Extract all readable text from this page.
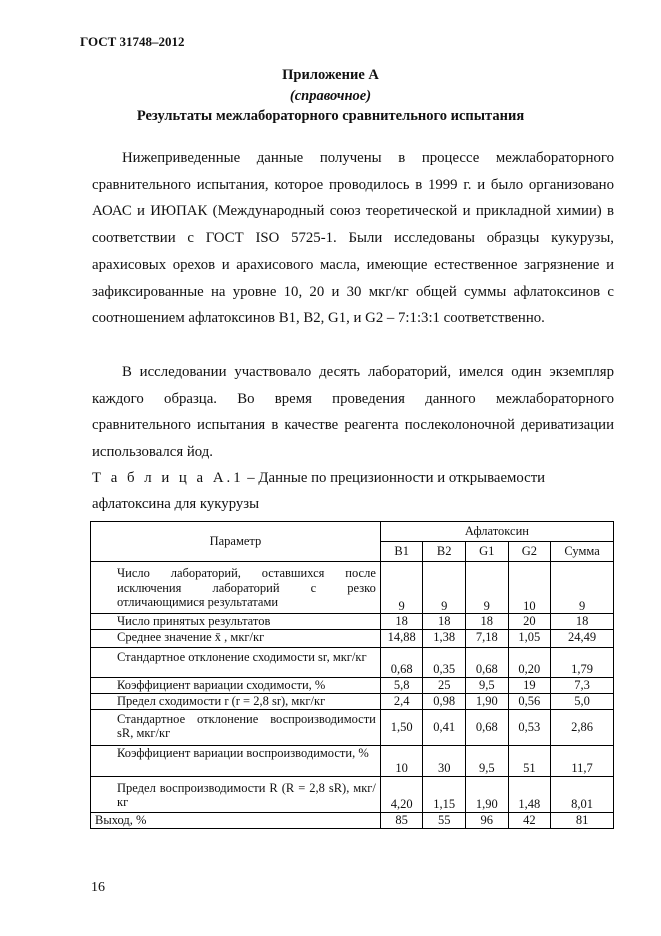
ГОСТ 31748–2012
Приложение А
(справочное)
Результаты межлабораторного сравнительного испытания
Нижеприведенные данные получены в процессе межлабораторного сравнительного испытания, которое проводилось в 1999 г. и было организовано АОАС и ИЮПАК (Международный союз теоретической и прикладной химии) в соответствии с ГОСТ ISO 5725-1. Были исследованы образцы кукурузы, арахисовых орехов и арахисового масла, имеющие естественное загрязнение и зафиксированные на уровне 10, 20 и 30 мкг/кг общей суммы афлатоксинов с соотношением афлатоксинов B1, B2, G1, и G2 – 7:1:3:1 соответственно.
В исследовании участвовало десять лабораторий, имелся один экземпляр каждого образца. Во время проведения данного межлабораторного сравнительного испытания в качестве реагента послеколоночной дериватизации использовался йод.
Т а б л и ц а А.1 – Данные по прецизионности и открываемости афлатоксина для кукурузы
Параметр	Афлатоксин				
	B1	B2	G1	G2	Сумма
Число лабораторий, оставшихся после исключения лабораторий с резко отличающимися результатами	9	9	9	10	9
Число принятых результатов	18	18	18	20	18
Среднее значение x̄ , мкг/кг	14,88	1,38	7,18	1,05	24,49
Стандартное отклонение сходимости sr, мкг/кг	0,68	0,35	0,68	0,20	1,79
Коэффициент вариации сходимости, %	5,8	25	9,5	19	7,3
Предел сходимости r (r = 2,8 sr), мкг/кг	2,4	0,98	1,90	0,56	5,0
Стандартное отклонение воспроизводимости sR, мкг/кг	1,50	0,41	0,68	0,53	2,86
Коэффициент вариации воспроизводимости, %	10	30	9,5	51	11,7
Предел воспроизводимости R (R = 2,8 sR), мкг/кг	4,20	1,15	1,90	1,48	8,01
Выход, %	85	55	96	42	81
16
